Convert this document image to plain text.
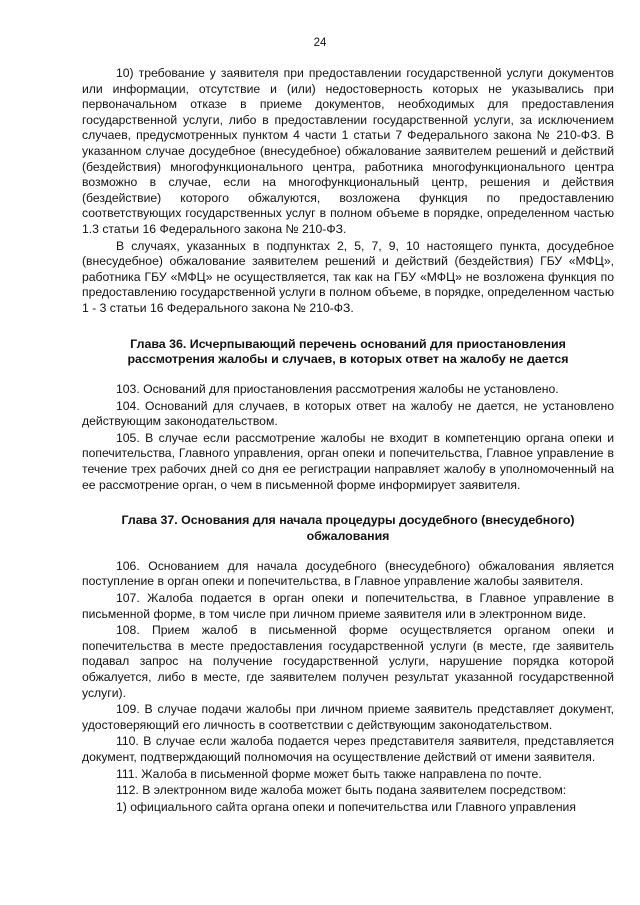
24

10) требование у заявителя при предоставлении государственной услуги документов или информации, отсутствие и (или) недостоверность которых не указывались при первоначальном отказе в приеме документов, необходимых для предоставления государственной услуги, либо в предоставлении государственной услуги, за исключением случаев, предусмотренных пунктом 4 части 1 статьи 7 Федерального закона № 210-ФЗ. В указанном случае досудебное (внесудебное) обжалование заявителем решений и действий (бездействия) многофункционального центра, работника многофункционального центра возможно в случае, если на многофункциональный центр, решения и действия (бездействие) которого обжалуются, возложена функция по предоставлению соответствующих государственных услуг в полном объеме в порядке, определенном частью 1.3 статьи 16 Федерального закона № 210-ФЗ.

В случаях, указанных в подпунктах 2, 5, 7, 9, 10 настоящего пункта, досудебное (внесудебное) обжалование заявителем решений и действий (бездействия) ГБУ «МФЦ», работника ГБУ «МФЦ» не осуществляется, так как на ГБУ «МФЦ» не возложена функция по предоставлению государственной услуги в полном объеме, в порядке, определенном частью 1 - 3 статьи 16 Федерального закона № 210-ФЗ.

Глава 36. Исчерпывающий перечень оснований для приостановления рассмотрения жалобы и случаев, в которых ответ на жалобу не дается

103. Оснований для приостановления рассмотрения жалобы не установлено.

104. Оснований для случаев, в которых ответ на жалобу не дается, не установлено действующим законодательством.

105. В случае если рассмотрение жалобы не входит в компетенцию органа опеки и попечительства, Главного управления, орган опеки и попечительства, Главное управление в течение трех рабочих дней со дня ее регистрации направляет жалобу в уполномоченный на ее рассмотрение орган, о чем в письменной форме информирует заявителя.

Глава 37. Основания для начала процедуры досудебного (внесудебного) обжалования

106. Основанием для начала досудебного (внесудебного) обжалования является поступление в орган опеки и попечительства, в Главное управление жалобы заявителя.

107. Жалоба подается в орган опеки и попечительства, в Главное управление в письменной форме, в том числе при личном приеме заявителя или в электронном виде.

108. Прием жалоб в письменной форме осуществляется органом опеки и попечительства в месте предоставления государственной услуги (в месте, где заявитель подавал запрос на получение государственной услуги, нарушение порядка которой обжалуется, либо в месте, где заявителем получен результат указанной государственной услуги).

109. В случае подачи жалобы при личном приеме заявитель представляет документ, удостоверяющий его личность в соответствии с действующим законодательством.

110. В случае если жалоба подается через представителя заявителя, представляется документ, подтверждающий полномочия на осуществление действий от имени заявителя.

111. Жалоба в письменной форме может быть также направлена по почте.

112. В электронном виде жалоба может быть подана заявителем посредством:

1) официального сайта органа опеки и попечительства или Главного управления
